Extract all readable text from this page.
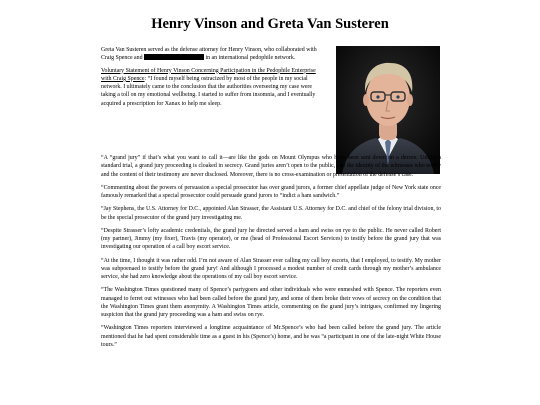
Henry Vinson and Greta Van Susteren

Greta Van Susteren served as the defense attorney for Henry Vinson, who collaborated with Craig Spence and	in an international pedophile network.

Voluntary Statement of Henry Vinson Concerning Participation in the Pedophile Enterprise with Craig Spence: “I found myself being ostracized by most of the people in my social network. I ultimately came to the conclusion that the authorities overseeing my case were taking a toll on my emotional wellbeing. I started to suffer from insomnia, and I eventually acquired a prescription for Xanax to help me sleep.

“A “grand jury” if that’s what you want to call it—are like the gods on Mount Olympus who have been sent down on a decree. Unlike a standard trial, a grand jury proceeding is cloaked in secrecy. Grand juries aren’t open to the public, and the identity of the witnesses who testify and the content of their testimony are never disclosed. Moreover, there is no cross-examination or presentation of the defense’s case.

“Commenting about the powers of persuasion a special prosecutor has over grand jurors, a former chief appellate judge of New York state once famously remarked that a special prosecutor could persuade grand jurors to “indict a ham sandwich.”

“Jay Stephens, the U.S. Attorney for D.C., appointed Alan Strasser, the Assistant U.S. Attorney for D.C. and chief of the felony trial division, to be the special prosecutor of the grand jury investigating me.

“Despite Strasser’s lofty academic credentials, the grand jury he directed served a ham and swiss on rye to the public. He never called Robert (my partner), Jimmy (my fixer), Travis (my operator), or me (head of Professional Escort Services) to testify before the grand jury that was investigating our operation of a call boy escort service.

“At the time, I thought it was rather odd. I’m not aware of Alan Strasser ever calling my call boy escorts, that I employed, to testify. My mother was subpoenaed to testify before the grand jury! And although I processed a modest number of credit cards through my mother’s ambulance service, she had zero knowledge about the operations of my call boy escort service.

“The Washington Times questioned many of Spence’s partygoers and other individuals who were enmeshed with Spence. The reporters even managed to ferret out witnesses who had been called before the grand jury, and some of them broke their vows of secrecy on the condition that the Washington Times grant them anonymity. A Washington Times article, commenting on the grand jury’s intrigues, confirmed my lingering suspicion that the grand jury proceeding was a ham and swiss on rye.

“Washington Times reporters interviewed a longtime acquaintance of Mr.Spence’s who had been called before the grand jury. The article mentioned that he had spent considerable time as a guest in his (Spence’s) home, and he was “a participant in one of the late-night White House tours.”
